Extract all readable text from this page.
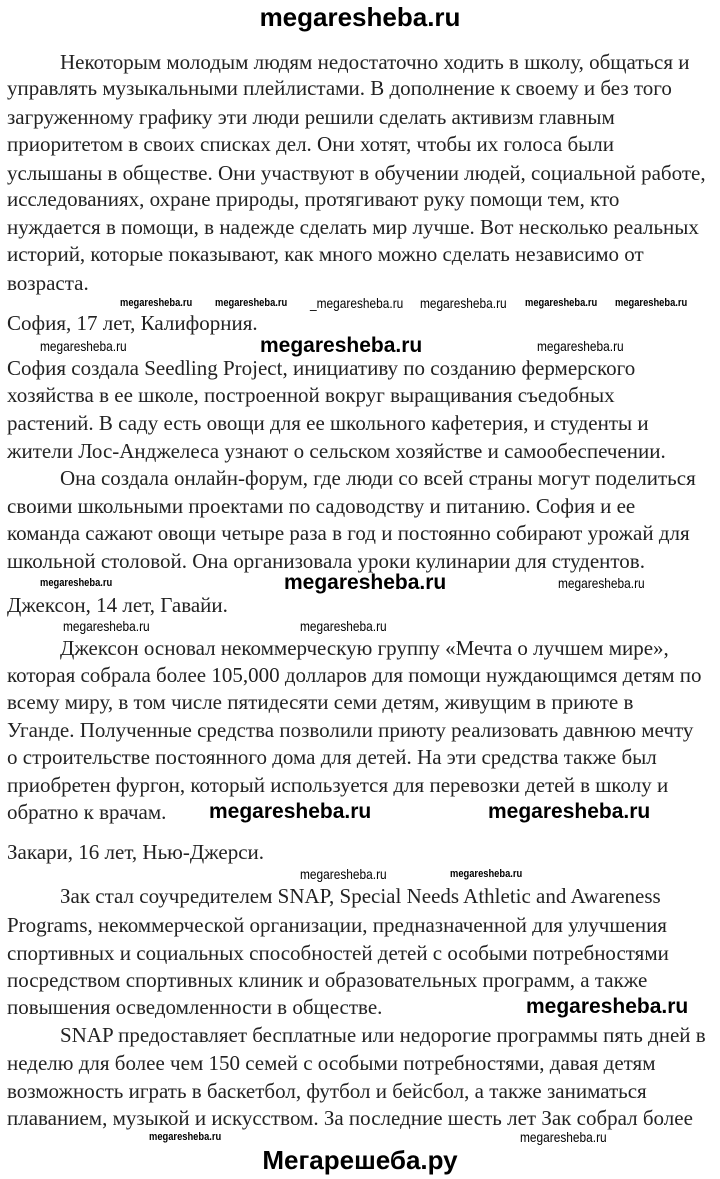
megaresheba.ru
Некоторым молодым людям недостаточно ходить в школу, общаться и
управлять музыкальными плейлистами. В дополнение к своему и без того
загруженному графику эти люди решили сделать активизм главным
приоритетом в своих списках дел. Они хотят, чтобы их голоса были
услышаны в обществе. Они участвуют в обучении людей, социальной работе,
исследованиях, охране природы, протягивают руку помощи тем, кто
нуждается в помощи, в надежде сделать мир лучше. Вот несколько реальных
историй, которые показывают, как много можно сделать независимо от
возраста.
София, 17 лет, Калифорния.
София создала Seedling Project, инициативу по созданию фермерского
хозяйства в ее школе, построенной вокруг выращивания съедобных
растений. В саду есть овощи для ее школьного кафетерия, и студенты и
жители Лос-Анджелеса узнают о сельском хозяйстве и самообеспечении.
Она создала онлайн-форум, где люди со всей страны могут поделиться
своими школьными проектами по садоводству и питанию. София и ее
команда сажают овощи четыре раза в год и постоянно собирают урожай для
школьной столовой. Она организовала уроки кулинарии для студентов.
Джексон, 14 лет, Гавайи.
Джексон основал некоммерческую группу «Мечта о лучшем мире»,
которая собрала более 105,000 долларов для помощи нуждающимся детям по
всему миру, в том числе пятидесяти семи детям, живущим в приюте в
Уганде. Полученные средства позволили приюту реализовать давнюю мечту
о строительстве постоянного дома для детей. На эти средства также был
приобретен фургон, который используется для перевозки детей в школу и
обратно к врачам.
Закари, 16 лет, Нью-Джерси.
Зак стал соучредителем SNAP, Special Needs Athletic and Awareness
Programs, некоммерческой организации, предназначенной для улучшения
спортивных и социальных способностей детей с особыми потребностями
посредством спортивных клиник и образовательных программ, а также
повышения осведомленности в обществе.
SNAP предоставляет бесплатные или недорогие программы пять дней в
неделю для более чем 150 семей с особыми потребностями, давая детям
возможность играть в баскетбол, футбол и бейсбол, а также заниматься
плаванием, музыкой и искусством. За последние шесть лет Зак собрал более
megaresheba.ru megaresheba.ru _megaresheba.ru megaresheba.ru megaresheba.ru megaresheba.ru
megaresheba.ru	megaresheba.ru	megaresheba.ru
megaresheba.ru	megaresheba.ru	megaresheba.ru
megaresheba.ru	megaresheba.ru
megaresheba.ru	megaresheba.ru
megaresheba.ru	megaresheba.ru
megaresheba.ru
megaresheba.ru	megaresheba.ru
Мегарешеба.ру
